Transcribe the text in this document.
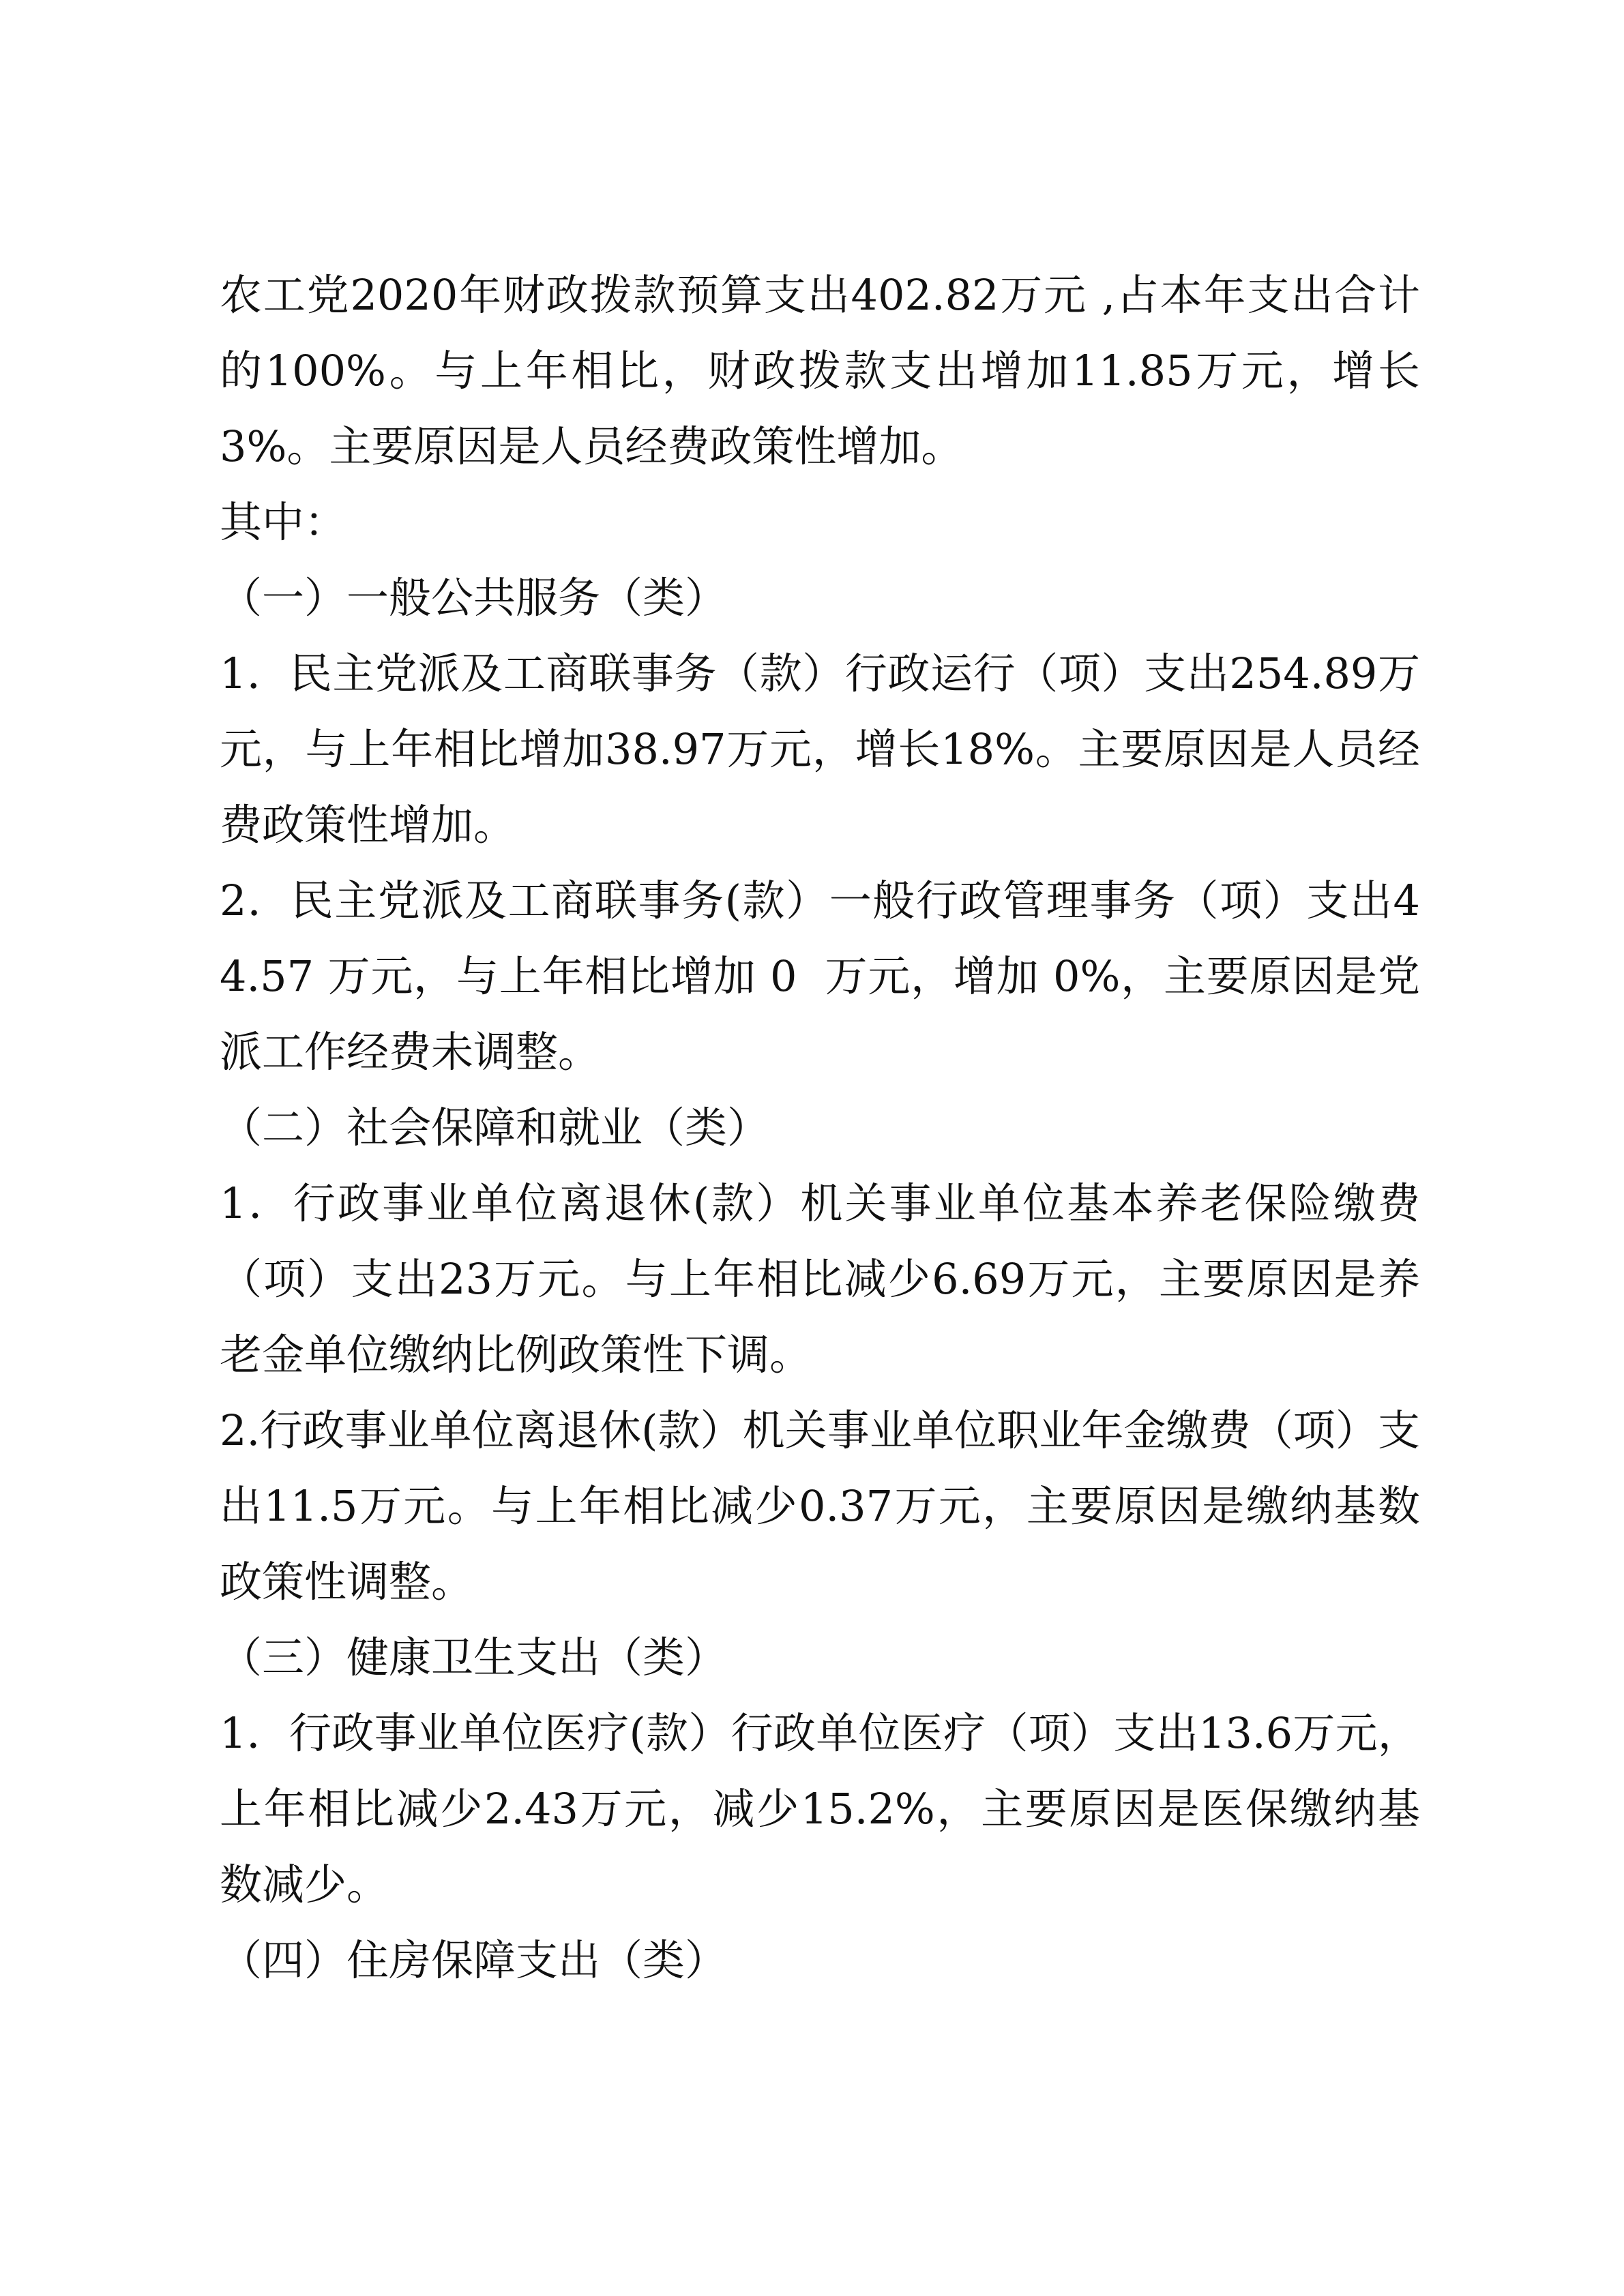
农工党2020年财政拨款预算支出402.82万元 ,占本年支出合计的100%。与上年相比，财政拨款支出增加11.85万元，增长3%。主要原因是人员经费政策性增加。

其中：

（一）一般公共服务（类）

1．民主党派及工商联事务（款）行政运行（项）支出254.89万元，与上年相比增加38.97万元，增长18%。主要原因是人员经费政策性增加。

2．民主党派及工商联事务(款）一般行政管理事务（项）支出44.57 万元，与上年相比增加 0  万元，增加 0%，主要原因是党派工作经费未调整。

（二）社会保障和就业（类）

1．行政事业单位离退休(款）机关事业单位基本养老保险缴费（项）支出23万元。与上年相比减少6.69万元，主要原因是养老金单位缴纳比例政策性下调。

2.行政事业单位离退休(款）机关事业单位职业年金缴费（项）支出11.5万元。与上年相比减少0.37万元，主要原因是缴纳基数政策性调整。

（三）健康卫生支出（类）

1．行政事业单位医疗(款）行政单位医疗（项）支出13.6万元，上年相比减少2.43万元，减少15.2%，主要原因是医保缴纳基数减少。

（四）住房保障支出（类）
